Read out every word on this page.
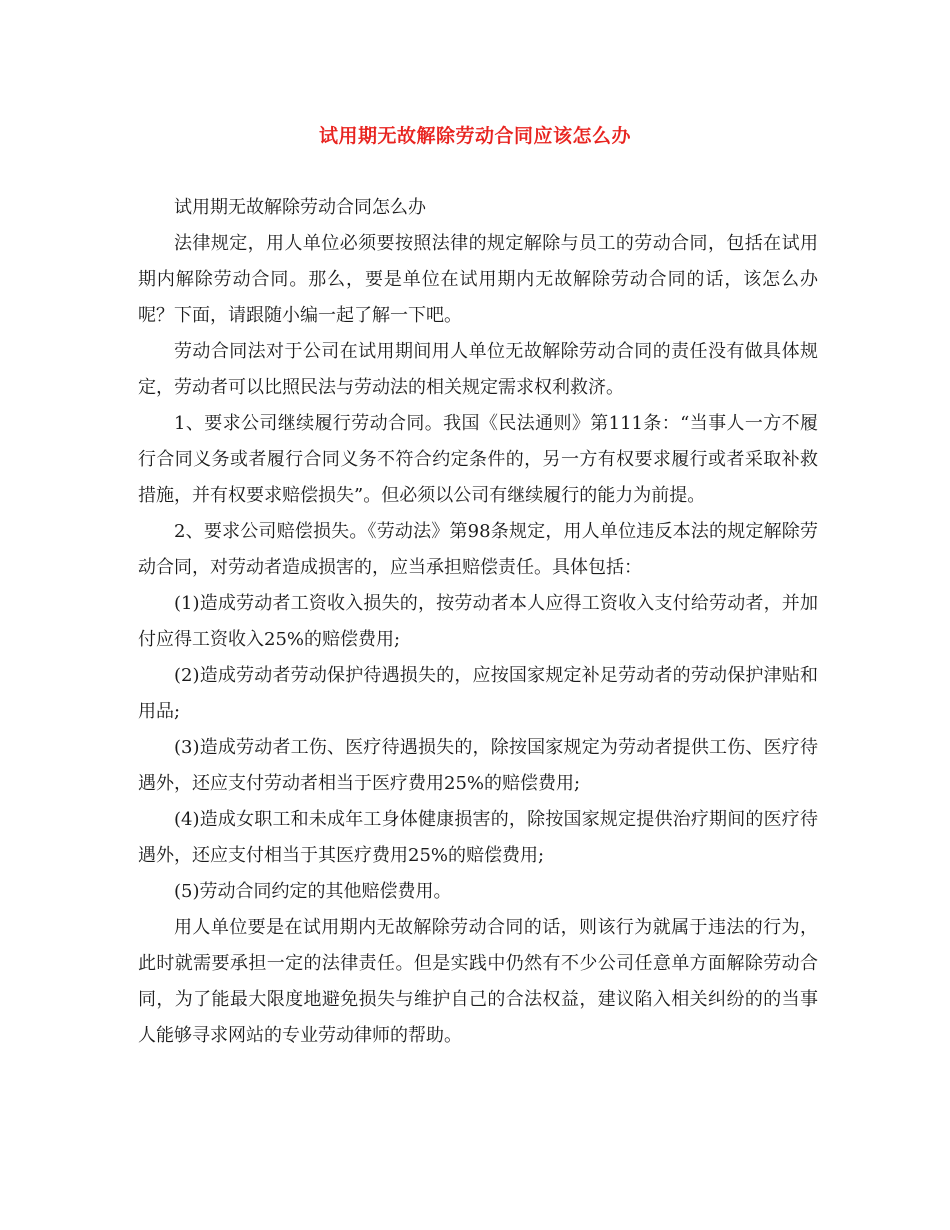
试用期无故解除劳动合同应该怎么办

试用期无故解除劳动合同怎么办

法律规定，用人单位必须要按照法律的规定解除与员工的劳动合同，包括在试用期内解除劳动合同。那么，要是单位在试用期内无故解除劳动合同的话，该怎么办呢？下面，请跟随小编一起了解一下吧。

劳动合同法对于公司在试用期间用人单位无故解除劳动合同的责任没有做具体规定，劳动者可以比照民法与劳动法的相关规定需求权利救济。

1、要求公司继续履行劳动合同。我国《民法通则》第111条：“当事人一方不履行合同义务或者履行合同义务不符合约定条件的，另一方有权要求履行或者采取补救措施，并有权要求赔偿损失”。但必须以公司有继续履行的能力为前提。

2、要求公司赔偿损失。《劳动法》第98条规定，用人单位违反本法的规定解除劳动合同，对劳动者造成损害的，应当承担赔偿责任。具体包括：

(1)造成劳动者工资收入损失的，按劳动者本人应得工资收入支付给劳动者，并加付应得工资收入25%的赔偿费用;

(2)造成劳动者劳动保护待遇损失的，应按国家规定补足劳动者的劳动保护津贴和用品;

(3)造成劳动者工伤、医疗待遇损失的，除按国家规定为劳动者提供工伤、医疗待遇外，还应支付劳动者相当于医疗费用25%的赔偿费用;

(4)造成女职工和未成年工身体健康损害的，除按国家规定提供治疗期间的医疗待遇外，还应支付相当于其医疗费用25%的赔偿费用;

(5)劳动合同约定的其他赔偿费用。

用人单位要是在试用期内无故解除劳动合同的话，则该行为就属于违法的行为，此时就需要承担一定的法律责任。但是实践中仍然有不少公司任意单方面解除劳动合同，为了能最大限度地避免损失与维护自己的合法权益，建议陷入相关纠纷的的当事人能够寻求网站的专业劳动律师的帮助。
